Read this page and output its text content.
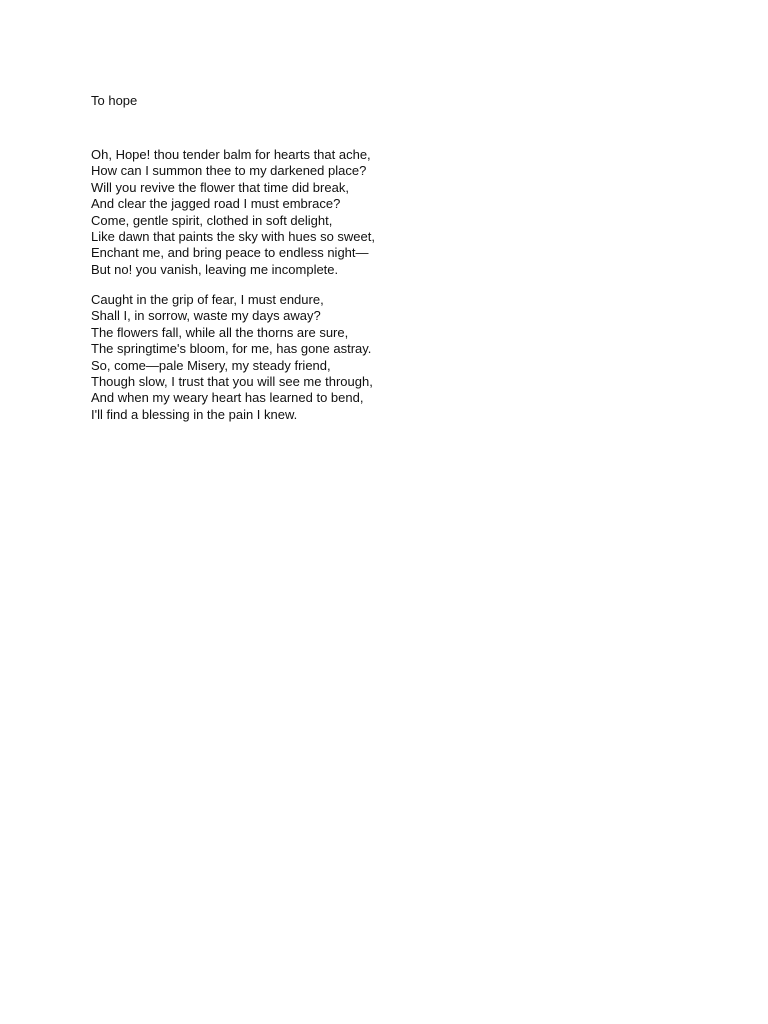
To hope

Oh, Hope! thou tender balm for hearts that ache,

How can I summon thee to my darkened place?

Will you revive the flower that time did break,

And clear the jagged road I must embrace?

Come, gentle spirit, clothed in soft delight,

Like dawn that paints the sky with hues so sweet,

Enchant me, and bring peace to endless night—

But no! you vanish, leaving me incomplete.

Caught in the grip of fear, I must endure,

Shall I, in sorrow, waste my days away?

The flowers fall, while all the thorns are sure,

The springtime's bloom, for me, has gone astray.

So, come—pale Misery, my steady friend,

Though slow, I trust that you will see me through,

And when my weary heart has learned to bend,

I'll find a blessing in the pain I knew.
